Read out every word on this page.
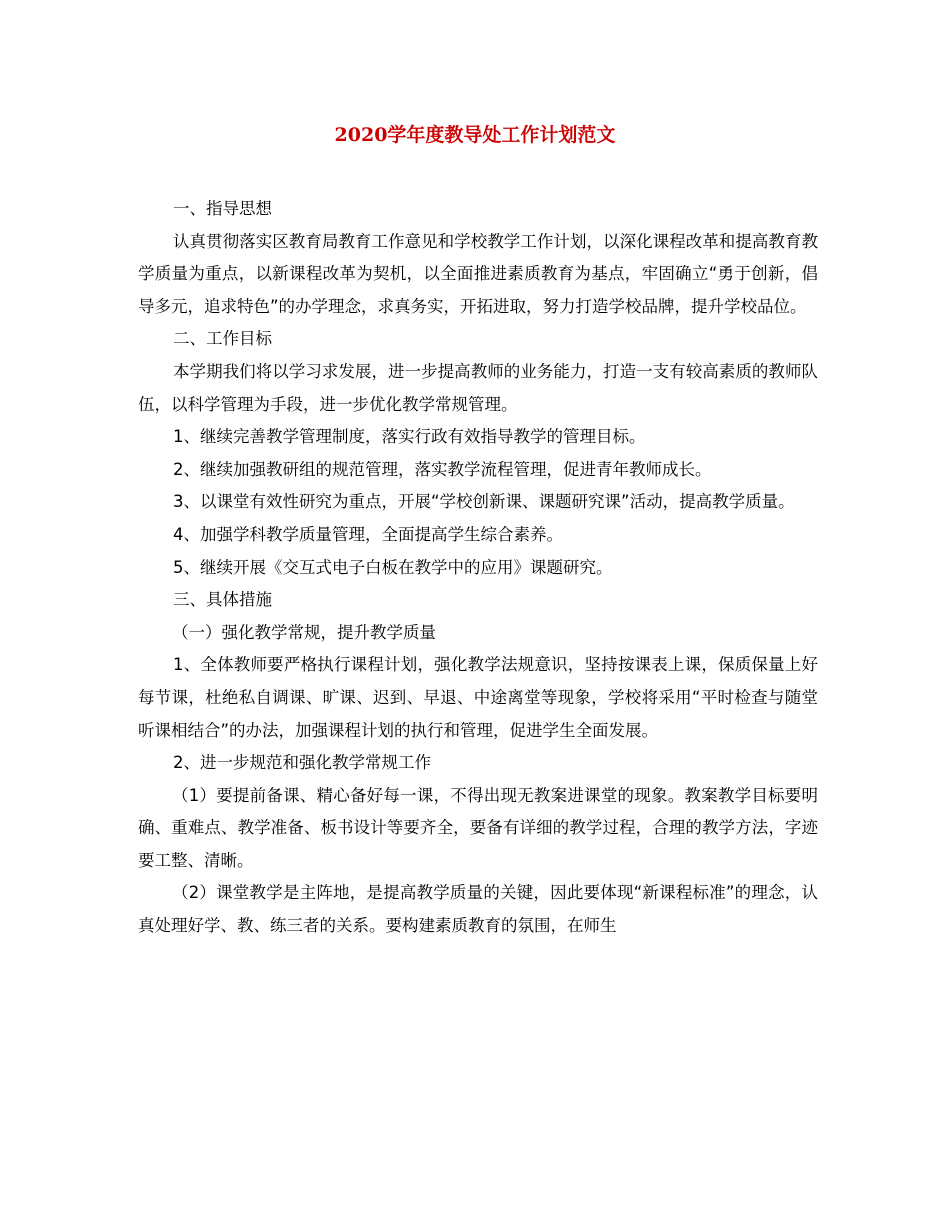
2020学年度教导处工作计划范文

一、指导思想

认真贯彻落实区教育局教育工作意见和学校教学工作计划，以深化课程改革和提高教育教学质量为重点，以新课程改革为契机，以全面推进素质教育为基点，牢固确立“勇于创新，倡导多元，追求特色”的办学理念，求真务实，开拓进取，努力打造学校品牌，提升学校品位。

二、工作目标

本学期我们将以学习求发展，进一步提高教师的业务能力，打造一支有较高素质的教师队伍，以科学管理为手段，进一步优化教学常规管理。

1、继续完善教学管理制度，落实行政有效指导教学的管理目标。

2、继续加强教研组的规范管理，落实教学流程管理，促进青年教师成长。

3、以课堂有效性研究为重点，开展“学校创新课、课题研究课”活动，提高教学质量。

4、加强学科教学质量管理，全面提高学生综合素养。

5、继续开展《交互式电子白板在教学中的应用》课题研究。

三、具体措施

（一）强化教学常规，提升教学质量

1、全体教师要严格执行课程计划，强化教学法规意识，坚持按课表上课，保质保量上好每节课，杜绝私自调课、旷课、迟到、早退、中途离堂等现象，学校将采用“平时检查与随堂听课相结合”的办法，加强课程计划的执行和管理，促进学生全面发展。

2、进一步规范和强化教学常规工作

（1）要提前备课、精心备好每一课，不得出现无教案进课堂的现象。教案教学目标要明确、重难点、教学准备、板书设计等要齐全，要备有详细的教学过程，合理的教学方法，字迹要工整、清晰。

（2）课堂教学是主阵地，是提高教学质量的关键，因此要体现“新课程标准”的理念，认真处理好学、教、练三者的关系。要构建素质教育的氛围，在师生
